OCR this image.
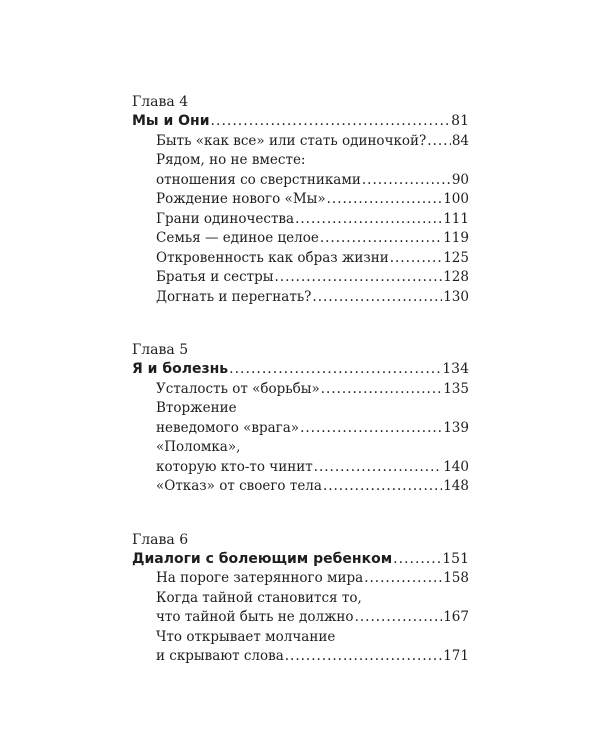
Глава 4
Мы и Они .....	81
Быть «как все» или стать одиночкой? ..... 84
Рядом, но не вместе:
отношения со сверстниками .....	90
Рождение нового «Мы» .....	100
Грани одиночества .....	111
Семья — единое целое .....	119
Откровенность как образ жизни .....	125
Братья и сестры .....	128
Догнать и перегнать? .....	130
Глава 5
Я и болезнь .....	134
Усталость от «борьбы» .....	135
Вторжение
неведомого «врага» .....	139
«Поломка»,
которую кто-то чинит .....	140
«Отказ» от своего тела .....	148
Глава 6
Диалоги с болеющим ребенком .....	151
На пороге затерянного мира .....	158
Когда тайной становится то,
что тайной быть не должно .....	167
Что открывает молчание
и скрывают слова .....	171
